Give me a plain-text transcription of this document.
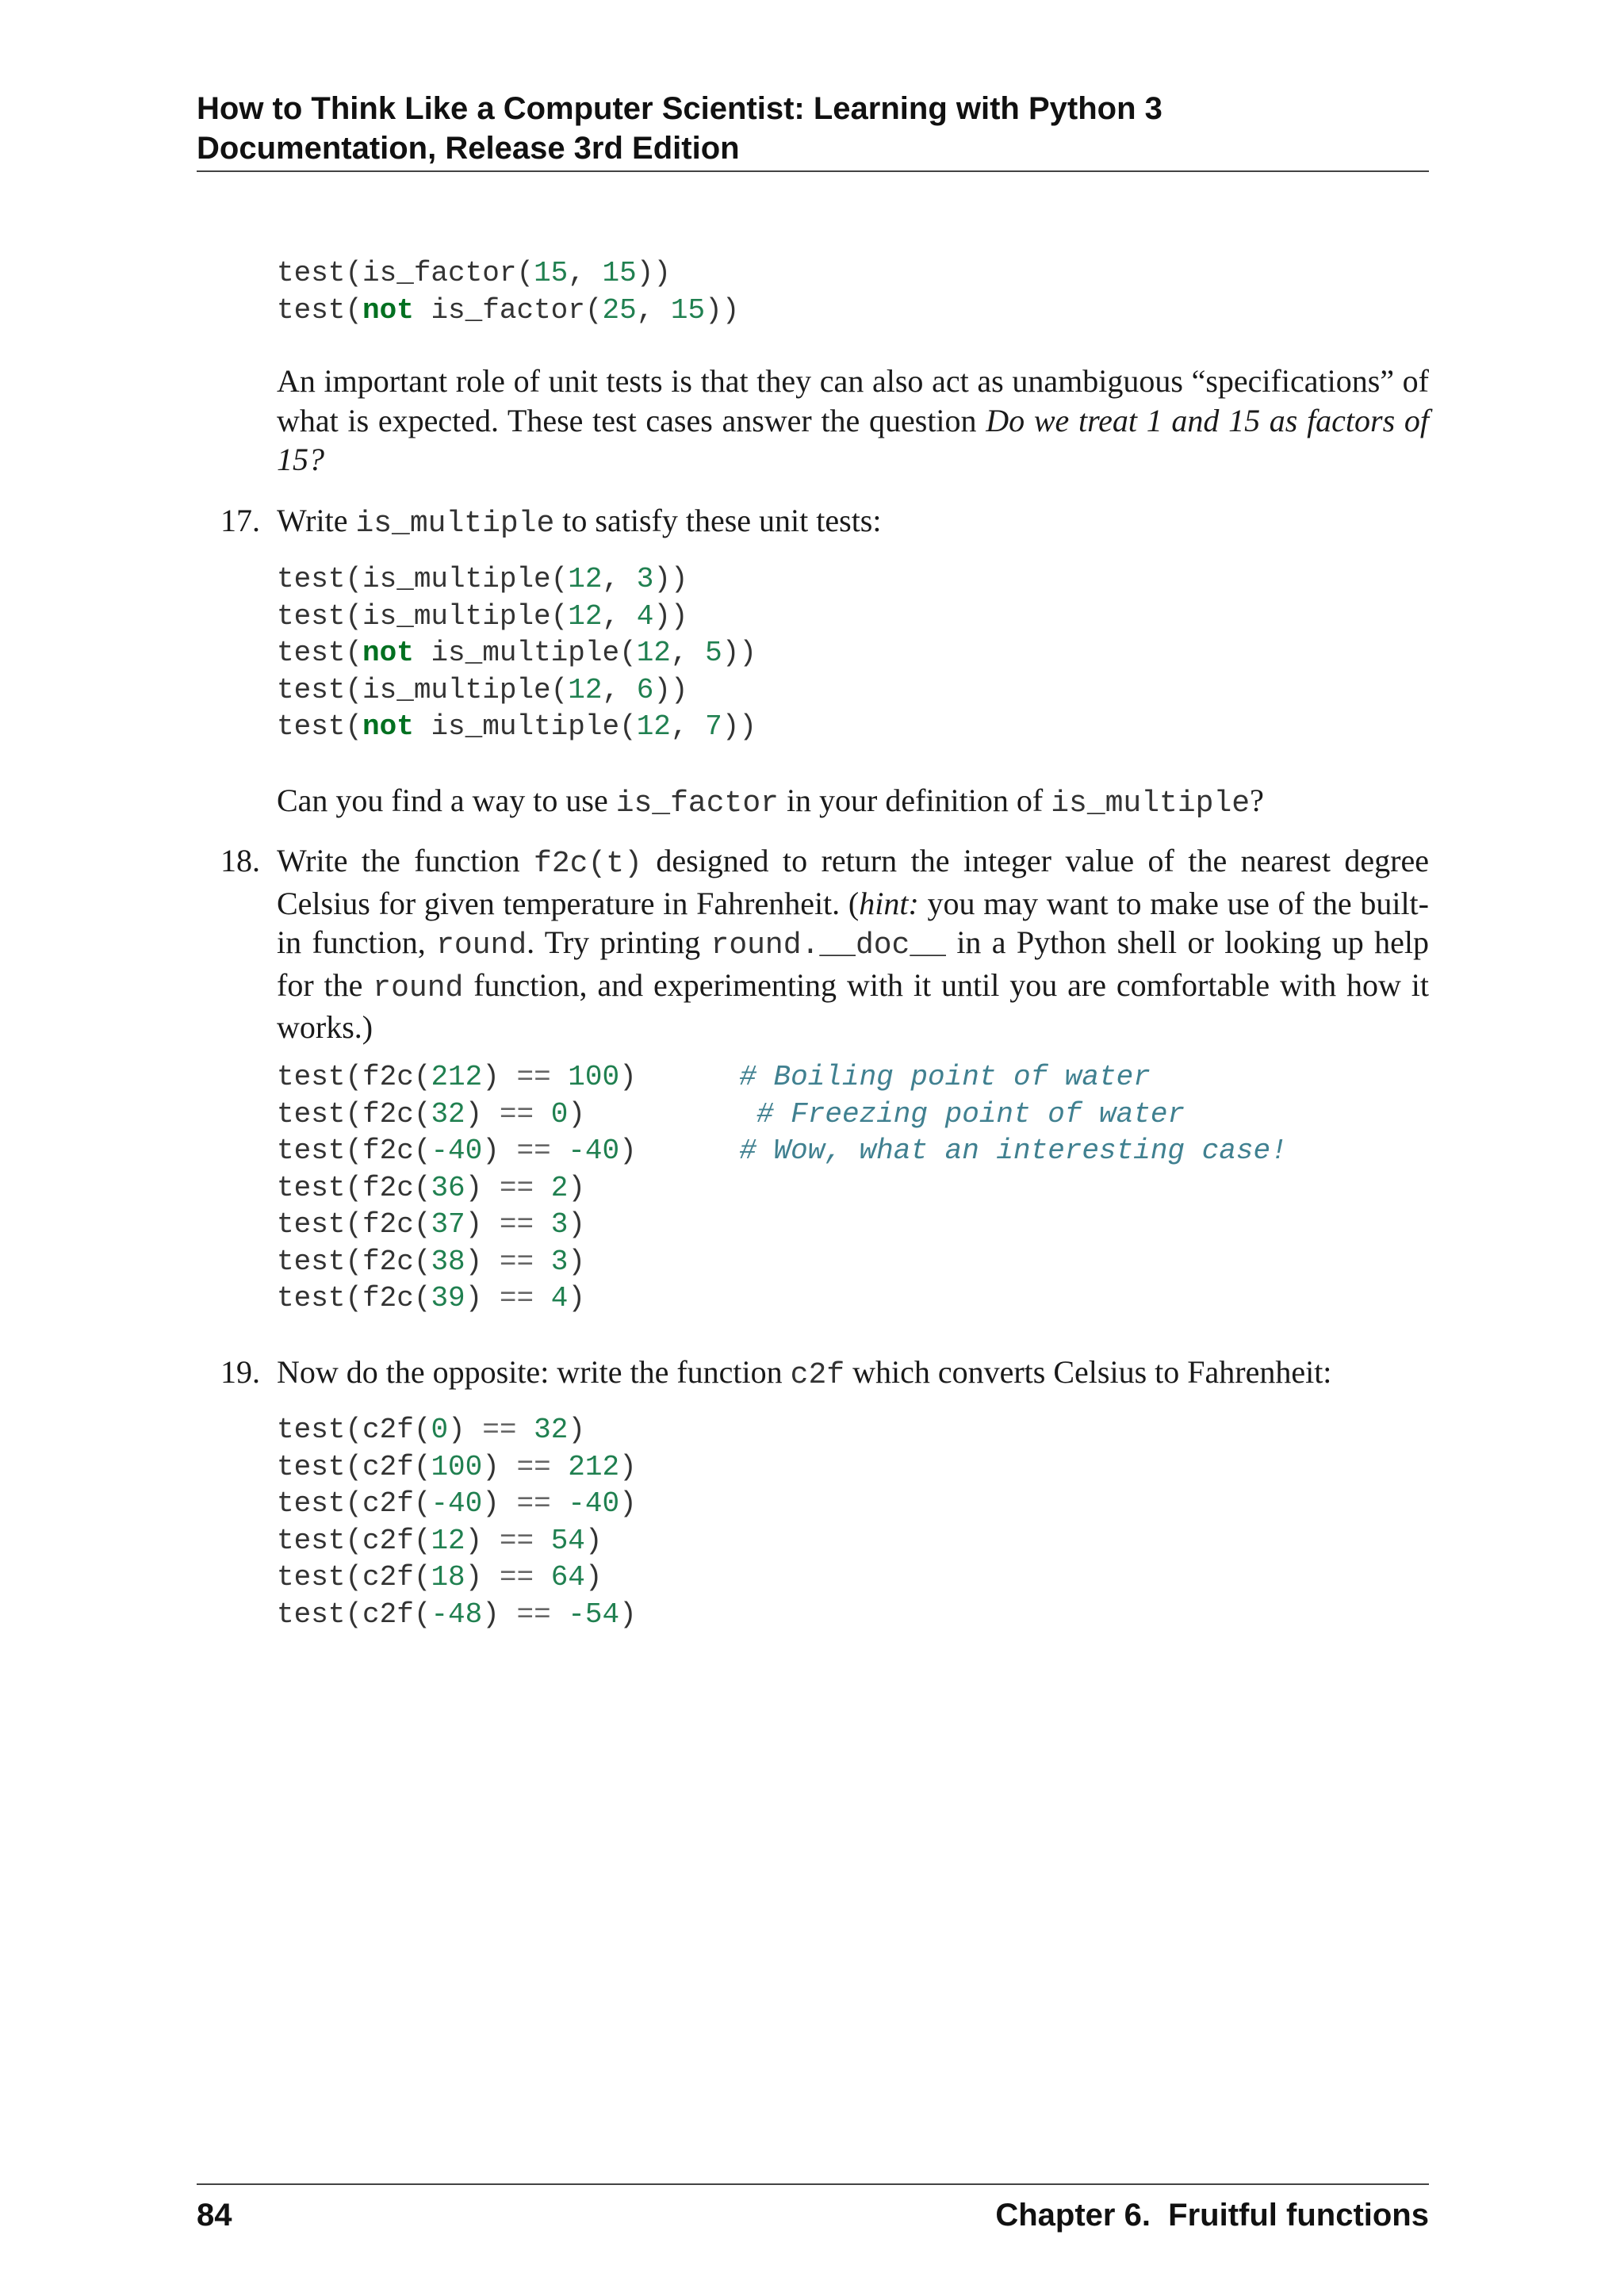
How to Think Like a Computer Scientist: Learning with Python 3
Documentation, Release 3rd Edition
test(is_factor(15, 15))
test(not is_factor(25, 15))

An important role of unit tests is that they can also act as unambiguous “specifications” of what is expected. These test cases answer the question Do we treat 1 and 15 as factors of 15?

17. Write is_multiple to satisfy these unit tests:

test(is_multiple(12, 3))
test(is_multiple(12, 4))
test(not is_multiple(12, 5))
test(is_multiple(12, 6))
test(not is_multiple(12, 7))

Can you find a way to use is_factor in your definition of is_multiple?

18. Write the function f2c(t) designed to return the integer value of the nearest degree Celsius for given temperature in Fahrenheit. (hint: you may want to make use of the built-in function, round. Try printing round.__doc__ in a Python shell or looking up help for the round function, and experimenting with it until you are comfortable with how it works.)

test(f2c(212) == 100)	# Boiling point of water
test(f2c(32) == 0)	# Freezing point of water
test(f2c(-40) == -40)	# Wow, what an interesting case!
test(f2c(36) == 2)
test(f2c(37) == 3)
test(f2c(38) == 3)
test(f2c(39) == 4)
19. Now do the opposite: write the function c2f which converts Celsius to Fahrenheit:

test(c2f(0) == 32)
test(c2f(100) == 212)
test(c2f(-40) == -40)
test(c2f(12) == 54)
test(c2f(18) == 64)
test(c2f(-48) == -54)
84	Chapter 6.  Fruitful functions
